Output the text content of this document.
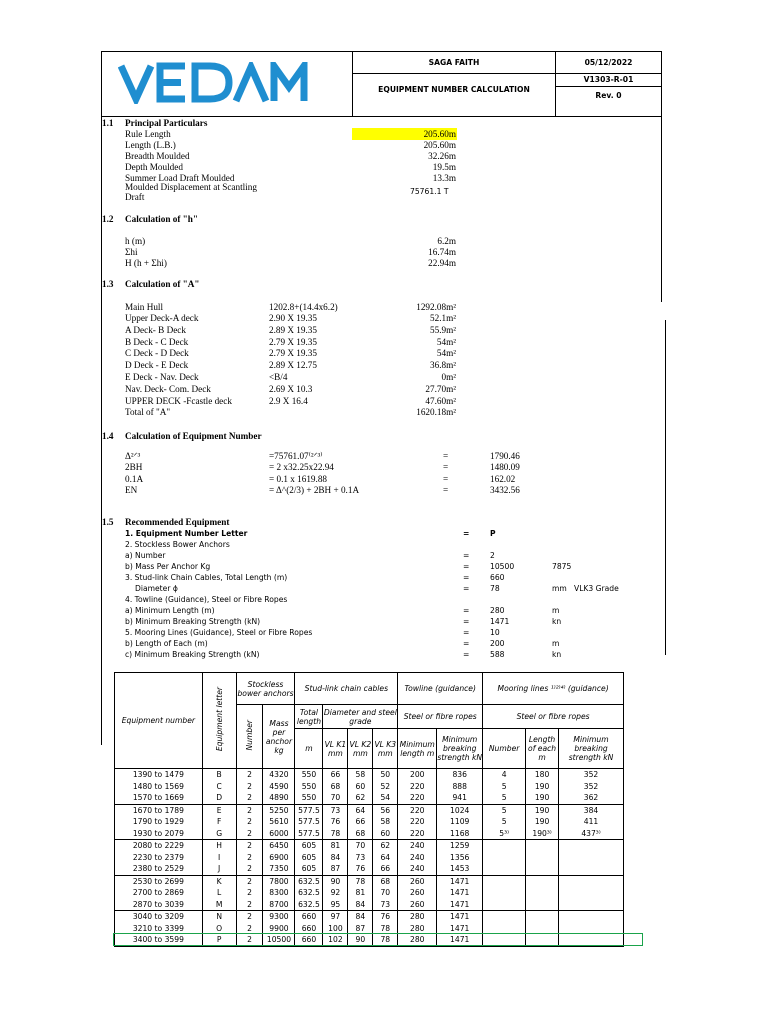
SAGA FAITH	05/12/2022
EQUIPMENT NUMBER CALCULATION
V1303-R-01
Rev. 0
1.1 Principal Particulars
Rule Length	205.60m
Length (L.B.)	205.60m
Breadth Moulded	32.26m
Depth Moulded	19.5m
Summer Load Draft Moulded	13.3m
Moulded Displacement at Scantling
Draft
75761.1 T
1.2 Calculation of "h"
h (m)	6.2m
Σhi	16.74m
H (h + Σhi)	22.94m
1.3 Calculation of "A"
Main Hull	1202.8+(14.4x6.2)	1292.08m²
Upper Deck-A deck	2.90 X 19.35	52.1m²
A Deck- B Deck	2.89 X 19.35	55.9m²
B Deck - C Deck	2.79 X 19.35	54m²
C Deck - D Deck	2.79 X 19.35	54m²
D Deck - E Deck	2.89 X 12.75	36.8m²
E Deck - Nav. Deck	<B/4	0m²
Nav. Deck- Com. Deck	2.69 X 10.3	27.70m²
UPPER DECK -Fcastle deck	2.9 X 16.4	47.60m²
Total of "A"	1620.18m²
1.4 Calculation of Equipment Number
Δ²ᐟ³	=75761.07⁽²ᐟ³⁾	=	1790.46
2BH	= 2 x32.25x22.94	=	1480.09
0.1A	= 0.1 x 1619.88	=	162.02
EN	= Δ^(2/3) + 2BH + 0.1A	=	3432.56
1.5 Recommended Equipment
1. Equipment Number Letter	=	P
2. Stockless Bower Anchors
a) Number	=	2
b) Mass Per Anchor Kg	=	10500	7875
3. Stud-link Chain Cables, Total Length (m)	=	660
Diameter ϕ	=	78	mm VLK3 Grade
4. Towline (Guidance), Steel or Fibre Ropes
a) Minimum Length (m)	=	280	m
b) Minimum Breaking Strength (kN)	=	1471	kn
5. Mooring Lines (Guidance), Steel or Fibre Ropes	=	10
b) Length of Each (m)	=	200	m
c) Minimum Breaking Strength (kN)	=	588	kn
Equipment number	Equipment letter	Stockless bower anchors		Stud-link chain cables				Towline (guidance)		Mooring lines ¹⁾²⁾⁴⁾ (guidance)		
		Number	Mass per anchor kg	Total length	Diameter and steel grade			Steel or fibre ropes		Steel or fibre ropes		
				m	VL K1 mm	VL K2 mm	VL K3 mm	Minimum length m	Minimum breaking strength kN	Number	Length of each m	Minimum breaking strength kN
1390 to 1479	B	2	4320	550	66	58	50	200	836	4	180	352
1480 to 1569	C	2	4590	550	68	60	52	220	888	5	190	352
1570 to 1669	D	2	4890	550	70	62	54	220	941	5	190	362
1670 to 1789	E	2	5250	577.5	73	64	56	220	1024	5	190	384
1790 to 1929	F	2	5610	577.5	76	66	58	220	1109	5	190	411
1930 to 2079	G	2	6000	577.5	78	68	60	220	1168	5³⁾	190³⁾	437³⁾
2080 to 2229	H	2	6450	605	81	70	62	240	1259			
2230 to 2379	I	2	6900	605	84	73	64	240	1356			
2380 to 2529	J	2	7350	605	87	76	66	240	1453			
2530 to 2699	K	2	7800	632.5	90	78	68	260	1471			
2700 to 2869	L	2	8300	632.5	92	81	70	260	1471			
2870 to 3039	M	2	8700	632.5	95	84	73	260	1471			
3040 to 3209	N	2	9300	660	97	84	76	280	1471			
3210 to 3399	O	2	9900	660	100	87	78	280	1471			
3400 to 3599	P	2	10500	660	102	90	78	280	1471			
